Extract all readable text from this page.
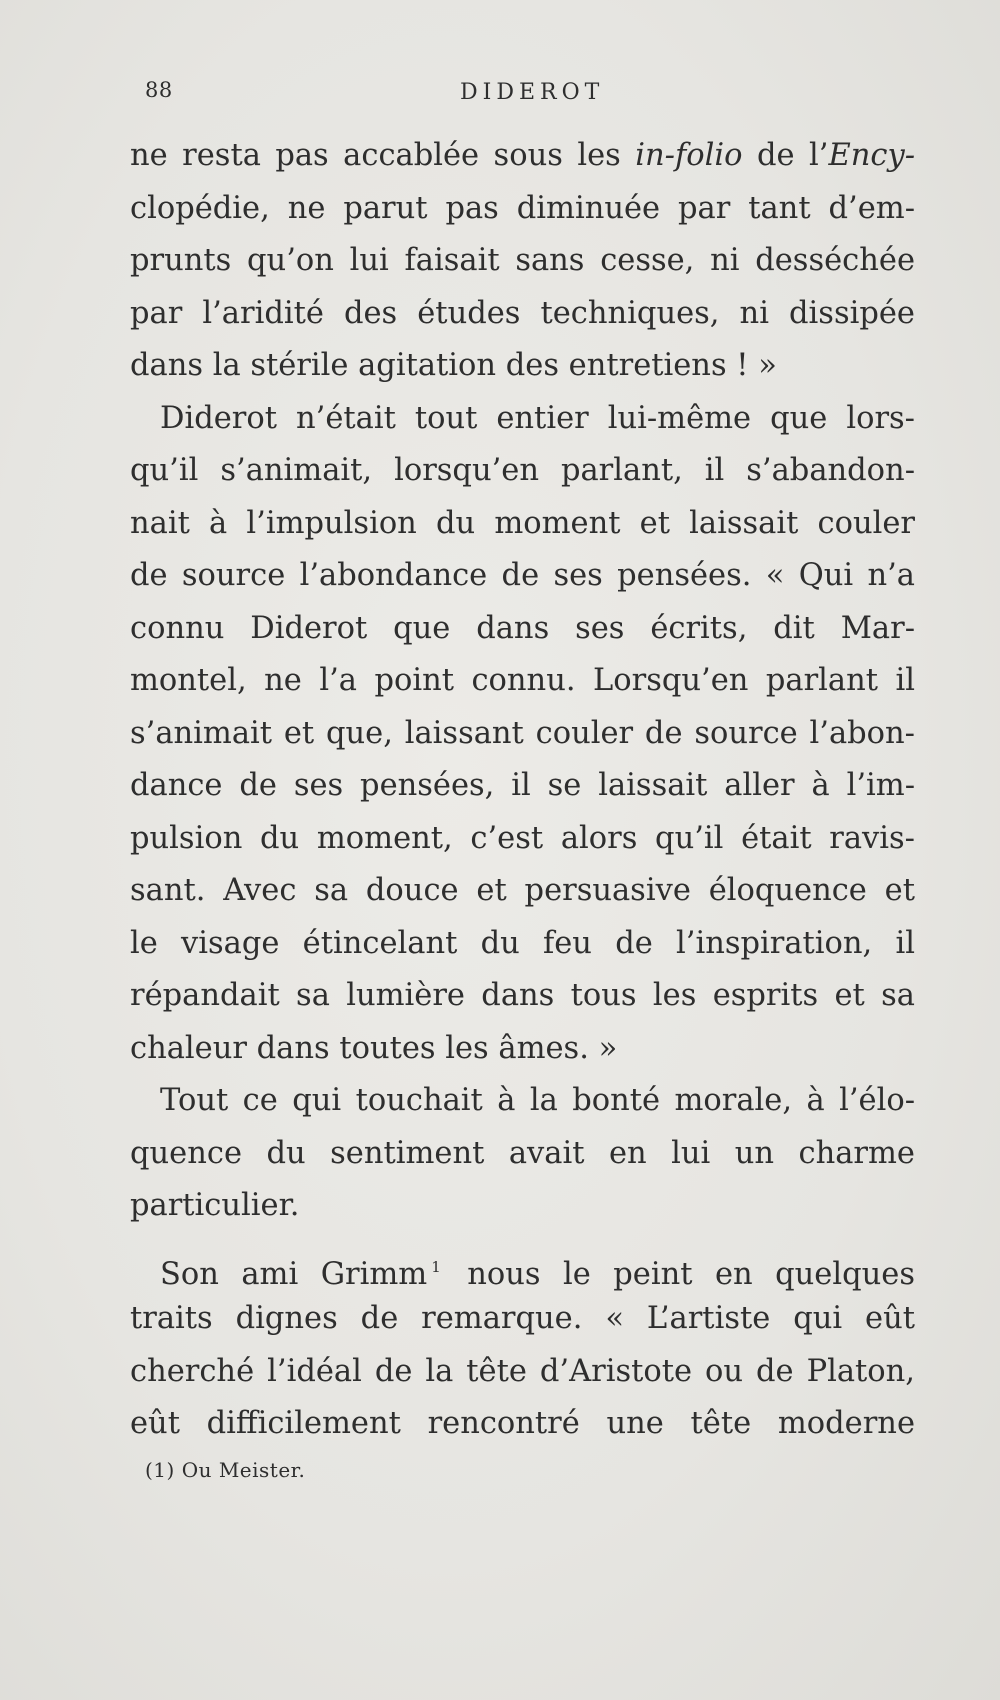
88	DIDEROT
ne resta pas accablée sous les in-folio de l’Ency-
clopédie, ne parut pas diminuée par tant d’em-
prunts qu’on lui faisait sans cesse, ni desséchée
par l’aridité des études techniques, ni dissipée
dans la stérile agitation des entretiens ! »
Diderot n’était tout entier lui-même que lors-
qu’il s’animait, lorsqu’en parlant, il s’abandon-
nait à l’impulsion du moment et laissait couler
de source l’abondance de ses pensées. « Qui n’a
connu Diderot que dans ses écrits, dit Mar-
montel, ne l’a point connu. Lorsqu’en parlant il
s’animait et que, laissant couler de source l’abon-
dance de ses pensées, il se laissait aller à l’im-
pulsion du moment, c’est alors qu’il était ravis-
sant. Avec sa douce et persuasive éloquence et
le visage étincelant du feu de l’inspiration, il
répandait sa lumière dans tous les esprits et sa
chaleur dans toutes les âmes. »
Tout ce qui touchait à la bonté morale, à l’élo-
quence du sentiment avait en lui un charme
particulier.
Son ami Grimm $^1$ nous le peint en quelques
traits dignes de remarque. « L’artiste qui eût
cherché l’idéal de la tête d’Aristote ou de Platon,
eût difficilement rencontré une tête moderne
(1) Ou Meister.
